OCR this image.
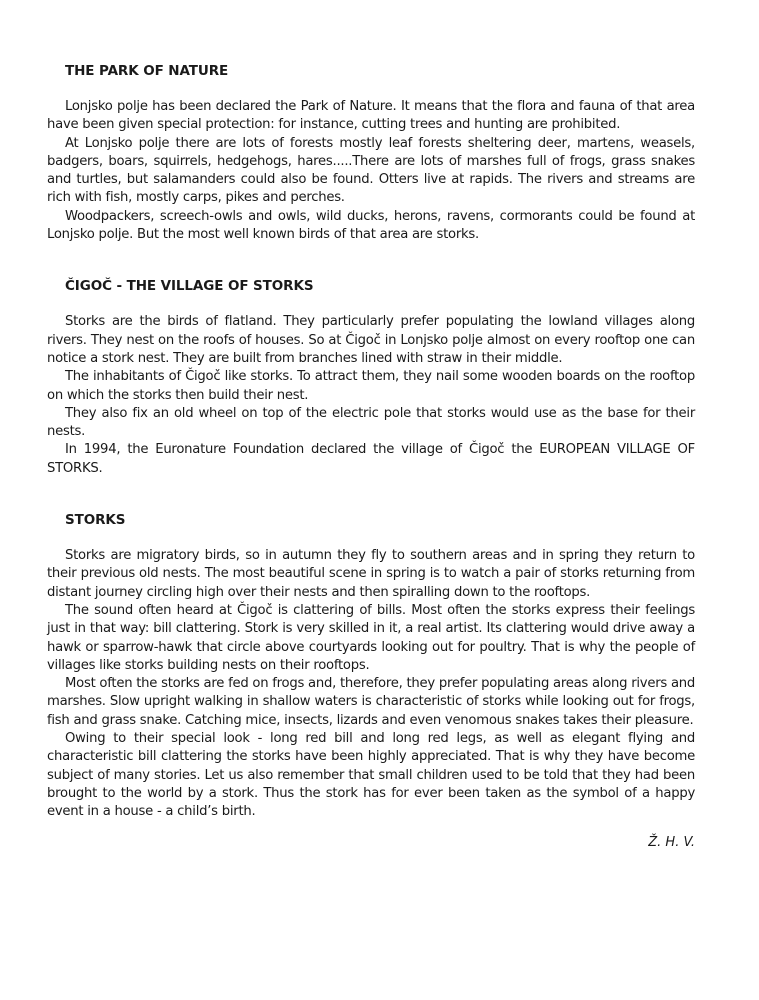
THE PARK OF NATURE

Lonjsko polje has been declared the Park of Nature. It means that the flora and fauna of that area have been given special protection: for instance, cutting trees and hunting are prohibited.

At Lonjsko polje there are lots of forests mostly leaf forests sheltering deer, martens, weasels, badgers, boars, squirrels, hedgehogs, hares.....There are lots of marshes full of frogs, grass snakes and turtles, but salamanders could also be found. Otters live at rapids. The rivers and streams are rich with fish, mostly carps, pikes and perches.

Woodpackers, screech-owls and owls, wild ducks, herons, ravens, cormorants could be found at Lonjsko polje. But the most well known birds of that area are storks.

ČIGOČ - THE VILLAGE OF STORKS

Storks are the birds of flatland. They particularly prefer populating the lowland villages along rivers. They nest on the roofs of houses. So at Čigoč in Lonjsko polje almost on every rooftop one can notice a stork nest. They are built from branches lined with straw in their middle.

The inhabitants of Čigoč like storks. To attract them, they nail some wooden boards on the rooftop on which the storks then build their nest.

They also fix an old wheel on top of the electric pole that storks would use as the base for their nests.

In 1994, the Euronature Foundation declared the village of Čigoč the EUROPEAN VILLAGE OF STORKS.

STORKS

Storks are migratory birds, so in autumn they fly to southern areas and in spring they return to their previous old nests. The most beautiful scene in spring is to watch a pair of storks returning from distant journey circling high over their nests and then spiralling down to the rooftops.

The sound often heard at Čigoč is clattering of bills. Most often the storks express their feelings just in that way: bill clattering. Stork is very skilled in it, a real artist. Its clattering would drive away a hawk or sparrow-hawk that circle above courtyards looking out for poultry. That is why the people of villages like storks building nests on their rooftops.

Most often the storks are fed on frogs and, therefore, they prefer populating areas along rivers and marshes. Slow upright walking in shallow waters is characteristic of storks while looking out for frogs, fish and grass snake. Catching mice, insects, lizards and even venomous snakes takes their pleasure.

Owing to their special look - long red bill and long red legs, as well as elegant flying and characteristic bill clattering the storks have been highly appreciated. That is why they have become subject of many stories. Let us also remember that small children used to be told that they had been brought to the world by a stork. Thus the stork has for ever been taken as the symbol of a happy event in a house - a child’s birth.

Ž. H. V.
